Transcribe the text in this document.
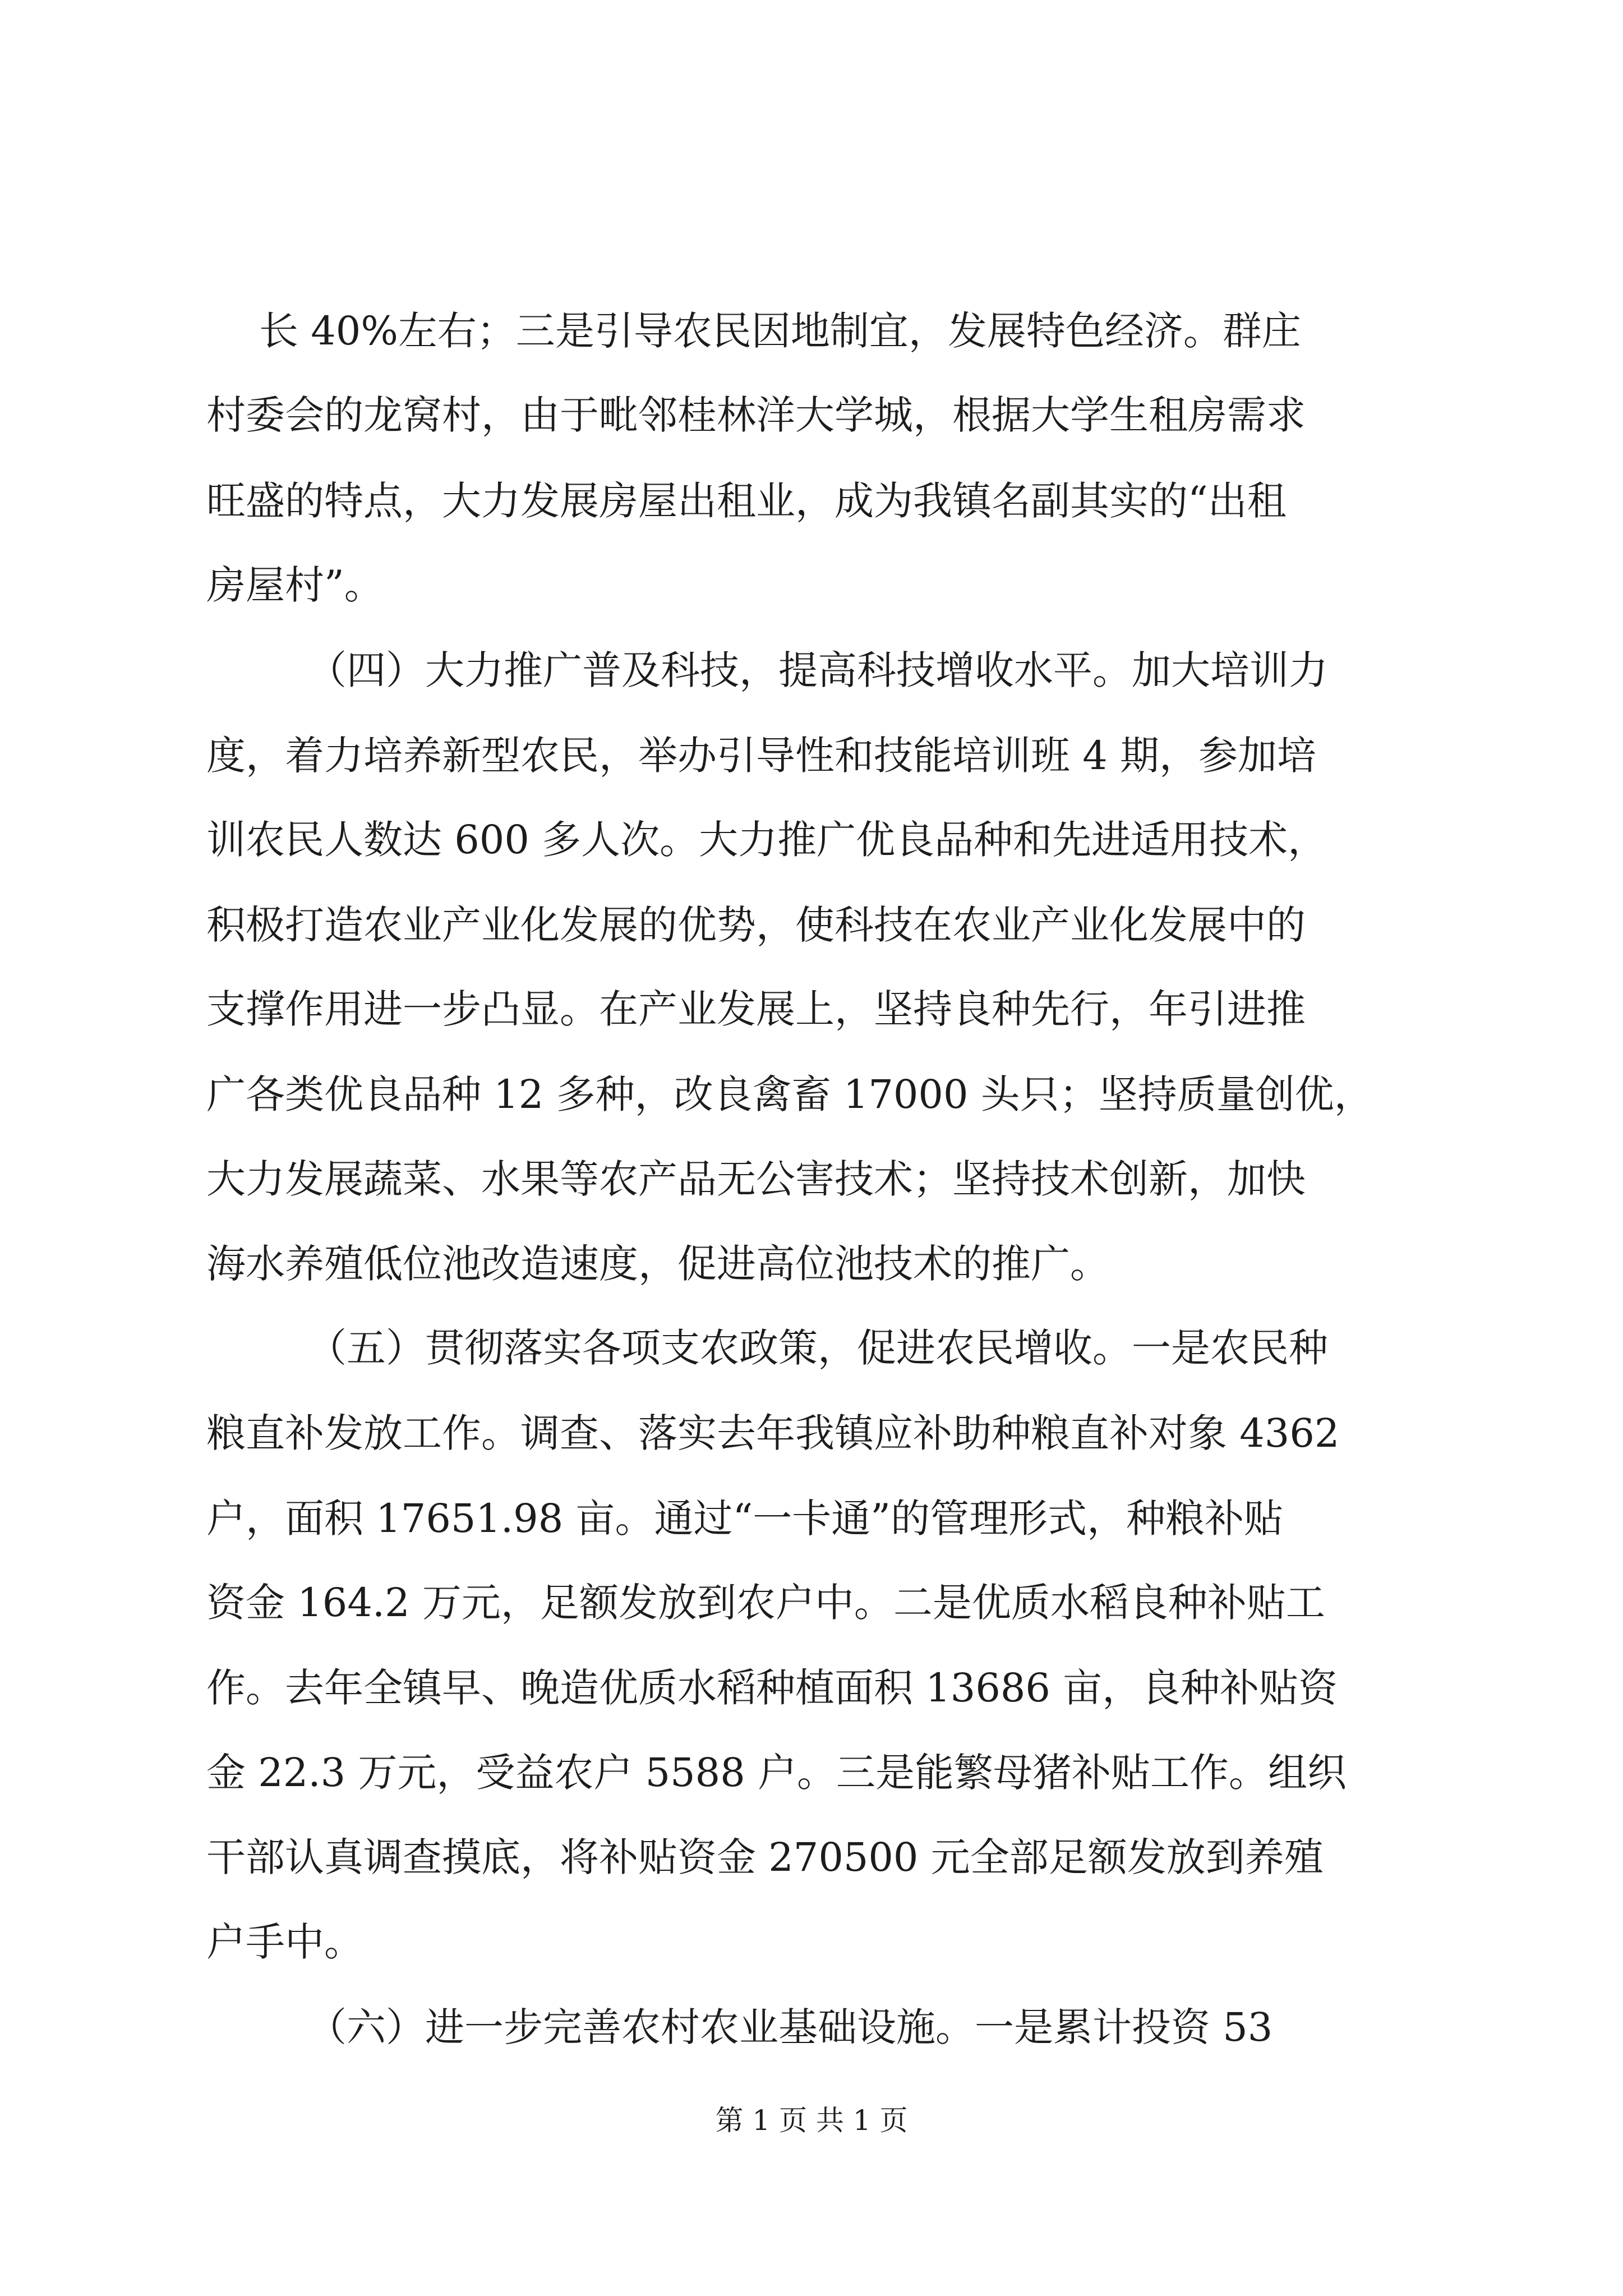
长 40%左右；三是引导农民因地制宜，发展特色经济。群庄
村委会的龙窝村，由于毗邻桂林洋大学城，根据大学生租房需求
旺盛的特点，大力发展房屋出租业，成为我镇名副其实的“出租
房屋村”。
（四）大力推广普及科技，提高科技增收水平。加大培训力
度，着力培养新型农民，举办引导性和技能培训班 4 期，参加培
训农民人数达 600 多人次。大力推广优良品种和先进适用技术，
积极打造农业产业化发展的优势，使科技在农业产业化发展中的
支撑作用进一步凸显。在产业发展上，坚持良种先行，年引进推
广各类优良品种 12 多种，改良禽畜 17000 头只；坚持质量创优，
大力发展蔬菜、水果等农产品无公害技术；坚持技术创新，加快
海水养殖低位池改造速度，促进高位池技术的推广。
（五）贯彻落实各项支农政策，促进农民增收。一是农民种
粮直补发放工作。调查、落实去年我镇应补助种粮直补对象 4362
户，面积 17651.98 亩。通过“一卡通”的管理形式，种粮补贴
资金 164.2 万元，足额发放到农户中。二是优质水稻良种补贴工
作。去年全镇早、晚造优质水稻种植面积 13686 亩，良种补贴资
金 22.3 万元，受益农户 5588 户。三是能繁母猪补贴工作。组织
干部认真调查摸底，将补贴资金 270500 元全部足额发放到养殖
户手中。
（六）进一步完善农村农业基础设施。一是累计投资 53
第 1 页 共 1 页
